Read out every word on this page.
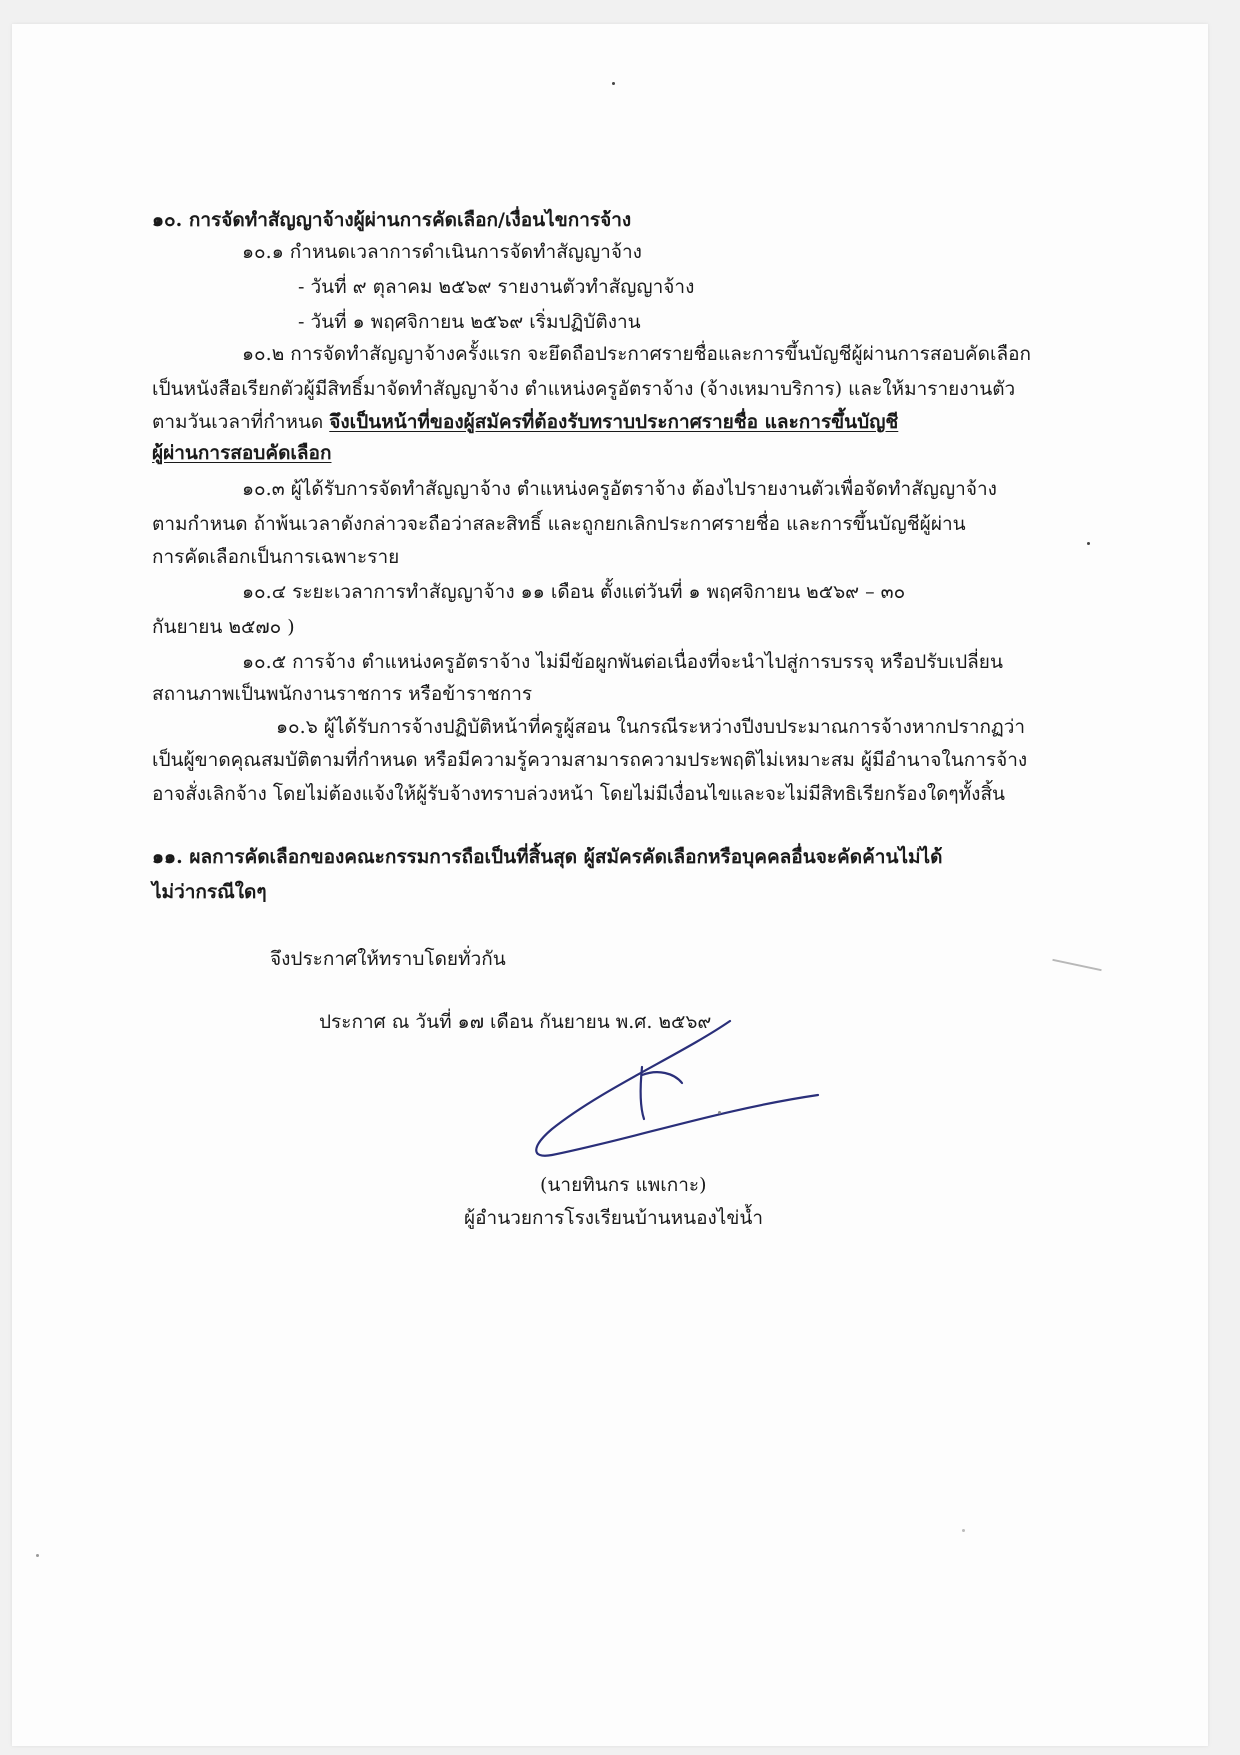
๑๐. การจัดทำสัญญาจ้างผู้ผ่านการคัดเลือก/เงื่อนไขการจ้าง
๑๐.๑ กำหนดเวลาการดำเนินการจัดทำสัญญาจ้าง
- วันที่ ๙ ตุลาคม ๒๕๖๙ รายงานตัวทำสัญญาจ้าง
- วันที่ ๑ พฤศจิกายน ๒๕๖๙ เริ่มปฏิบัติงาน
๑๐.๒ การจัดทำสัญญาจ้างครั้งแรก จะยึดถือประกาศรายชื่อและการขึ้นบัญชีผู้ผ่านการสอบคัดเลือก
เป็นหนังสือเรียกตัวผู้มีสิทธิ์มาจัดทำสัญญาจ้าง ตำแหน่งครูอัตราจ้าง (จ้างเหมาบริการ) และให้มารายงานตัว
ตามวันเวลาที่กำหนด จึงเป็นหน้าที่ของผู้สมัครที่ต้องรับทราบประกาศรายชื่อ และการขึ้นบัญชี
ผู้ผ่านการสอบคัดเลือก
๑๐.๓ ผู้ได้รับการจัดทำสัญญาจ้าง ตำแหน่งครูอัตราจ้าง ต้องไปรายงานตัวเพื่อจัดทำสัญญาจ้าง
ตามกำหนด ถ้าพ้นเวลาดังกล่าวจะถือว่าสละสิทธิ์ และถูกยกเลิกประกาศรายชื่อ และการขึ้นบัญชีผู้ผ่าน
การคัดเลือกเป็นการเฉพาะราย
๑๐.๔ ระยะเวลาการทำสัญญาจ้าง ๑๑ เดือน ตั้งแต่วันที่ ๑ พฤศจิกายน ๒๕๖๙ – ๓๐
กันยายน ๒๕๗๐ )
๑๐.๕ การจ้าง ตำแหน่งครูอัตราจ้าง ไม่มีข้อผูกพันต่อเนื่องที่จะนำไปสู่การบรรจุ หรือปรับเปลี่ยน
สถานภาพเป็นพนักงานราชการ หรือข้าราชการ
๑๐.๖ ผู้ได้รับการจ้างปฏิบัติหน้าที่ครูผู้สอน ในกรณีระหว่างปีงบประมาณการจ้างหากปรากฏว่า
เป็นผู้ขาดคุณสมบัติตามที่กำหนด หรือมีความรู้ความสามารถความประพฤติไม่เหมาะสม ผู้มีอำนาจในการจ้าง
อาจสั่งเลิกจ้าง โดยไม่ต้องแจ้งให้ผู้รับจ้างทราบล่วงหน้า โดยไม่มีเงื่อนไขและจะไม่มีสิทธิเรียกร้องใดๆทั้งสิ้น
๑๑. ผลการคัดเลือกของคณะกรรมการถือเป็นที่สิ้นสุด ผู้สมัครคัดเลือกหรือบุคคลอื่นจะคัดค้านไม่ได้
ไม่ว่ากรณีใดๆ
จึงประกาศให้ทราบโดยทั่วกัน
ประกาศ ณ วันที่ ๑๗ เดือน กันยายน พ.ศ. ๒๕๖๙
(นายทินกร แพเกาะ)
ผู้อำนวยการโรงเรียนบ้านหนองไข่น้ำ
